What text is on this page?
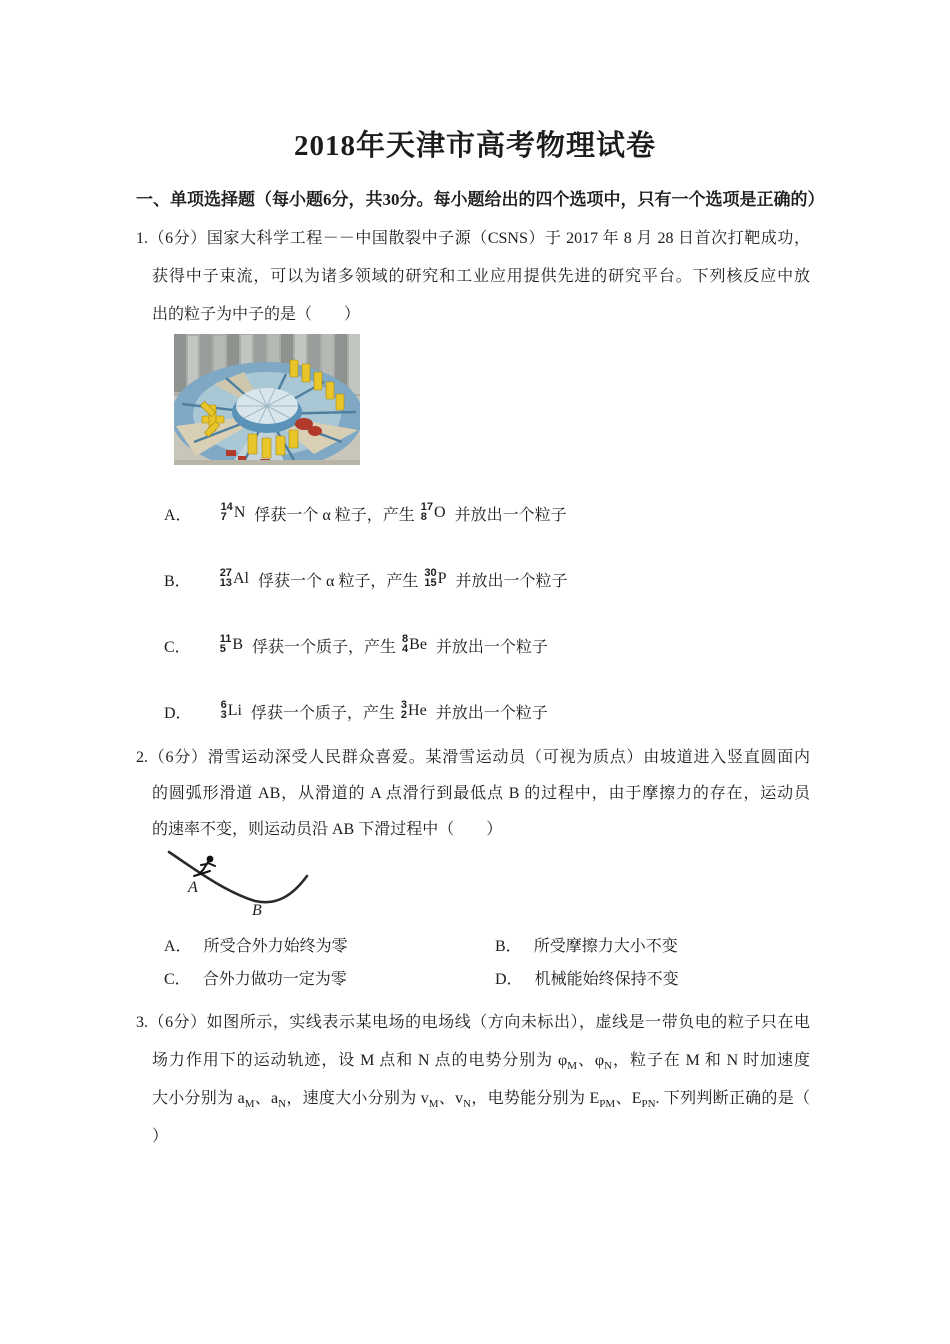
2018年天津市高考物理试卷
一、单项选择题（每小题6分，共30分。每小题给出的四个选项中，只有一个选项是正确的）
1.（6分）国家大科学工程－－中国散裂中子源（CSNS）于 2017 年 8 月 28 日首次打靶成功，
获得中子束流，可以为诸多领域的研究和工业应用提供先进的研究平台。下列核反应中放
出的粒子为中子的是（　　）
A．	14
7 N 俘获一个 α 粒子，产生 17
8 O 并放出一个粒子
B．	27
13 Al 俘获一个 α 粒子，产生 30
15 P 并放出一个粒子
C．	11
5 B 俘获一个质子，产生 8
4 Be 并放出一个粒子
D．	6
3 Li 俘获一个质子，产生 3
2 He 并放出一个粒子
2.（6分）滑雪运动深受人民群众喜爱。某滑雪运动员（可视为质点）由坡道进入竖直圆面内
的圆弧形滑道 AB，从滑道的 A 点滑行到最低点 B 的过程中，由于摩擦力的存在，运动员
的速率不变，则运动员沿 AB 下滑过程中（　　）
A
B
A． 所受合外力始终为零	B． 所受摩擦力大小不变
C． 合外力做功一定为零	D． 机械能始终保持不变
3.（6分）如图所示，实线表示某电场的电场线（方向未标出），虚线是一带负电的粒子只在电
场力作用下的运动轨迹，设 M 点和 N 点的电势分别为 $\varphi_M$、$\varphi_N$，粒子在 M 和 N 时加速度
大小分别为 $a_M$、$a_N$，速度大小分别为 $v_M$、$v_N$，电势能分别为 $E_{PM}$、$E_{PN}$. 下列判断正确的是（
）
